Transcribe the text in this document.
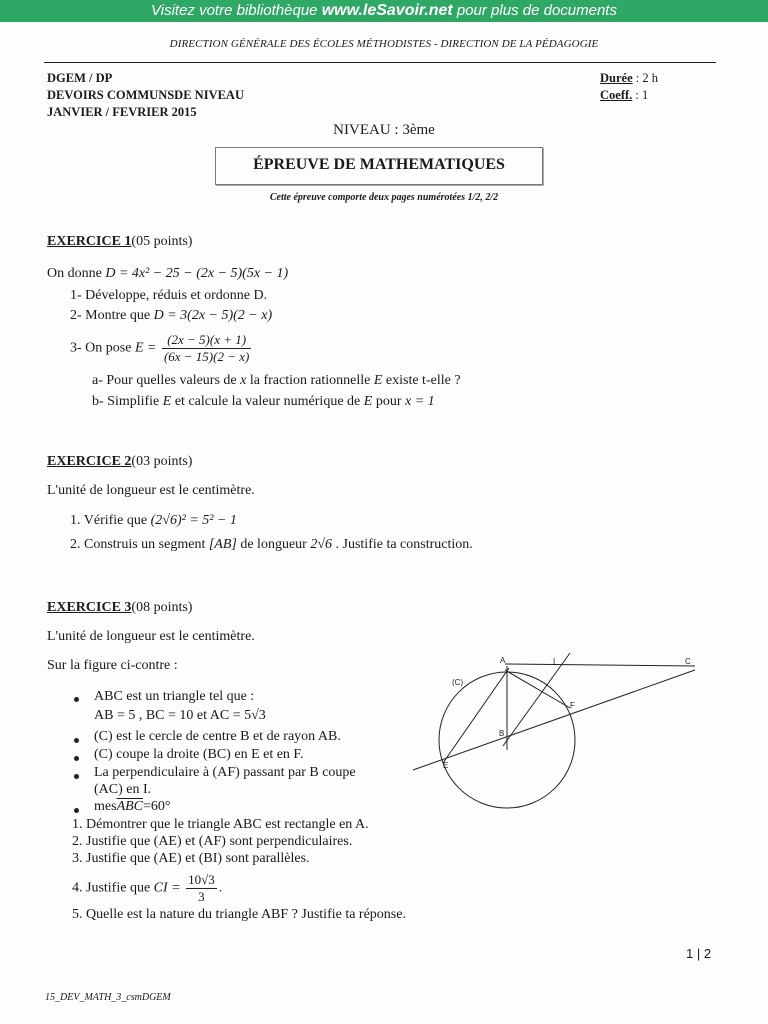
Visitez votre bibliothèque www.leSavoir.net pour plus de documents
DIRECTION GÉNÉRALE DES ÉCOLES MÉTHODISTES - DIRECTION DE LA PÉDAGOGIE
DGEM / DP
DEVOIRS COMMUNSDE NIVEAU
JANVIER / FEVRIER 2015
Durée : 2 h
Coeff. : 1
NIVEAU : 3ème
ÉPREUVE DE MATHEMATIQUES
Cette épreuve comporte deux pages numérotées 1/2, 2/2
EXERCICE 1(05 points)
On donne D = 4x² − 25 − (2x − 5)(5x − 1)
1- Développe, réduis et ordonne D.
2- Montre que D = 3(2x − 5)(2 − x)
3- On pose $E = \frac{(2x - 5)(x + 1)}{(6x - 15)(2 - x)}$
a- Pour quelles valeurs de x la fraction rationnelle E existe t-elle ?
b- Simplifie E et calcule la valeur numérique de E pour x = 1
EXERCICE 2(03 points)
L'unité de longueur est le centimètre.
1. Vérifie que (2√6)² = 5² − 1
2. Construis un segment [AB] de longueur 2√6 . Justifie ta construction.
EXERCICE 3(08 points)
L'unité de longueur est le centimètre.
Sur la figure ci-contre :
ABC est un triangle tel que :
AB = 5 , BC = 10 et AC = 5√3
(C) est le cercle de centre B et de rayon AB.
(C) coupe la droite (BC) en E et en F.
La perpendiculaire à (AF) passant par B coupe
(AC) en I.
$mes\overline{ABC}=60^\circ$
1. Démontrer que le triangle ABC est rectangle en A.
2. Justifie que (AE) et (AF) sont perpendiculaires.
3. Justifie que (AE) et (BI) sont parallèles.
4. Justifie que CI = $\frac{10√3}{3}$ .
5. Quelle est la nature du triangle ABF ? Justifie ta réponse.
A	I	C
(C)
F
B
E
1 | 2
15_DEV_MATH_3_csmDGEM
